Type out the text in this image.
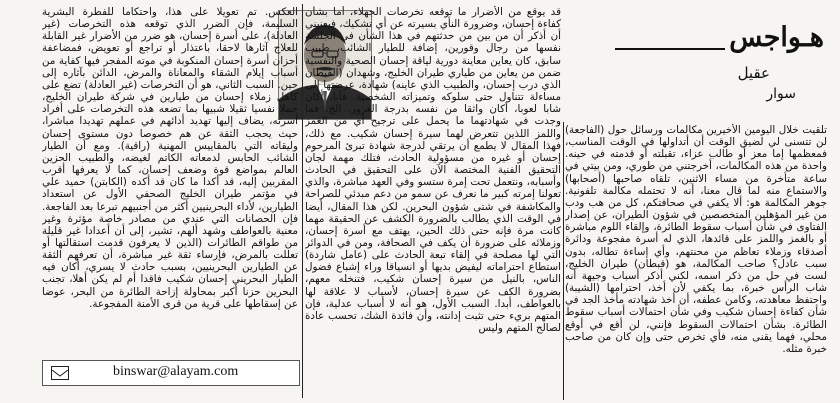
هـواجس
عقيل
سوار

تلقيت خلال اليومين الأخيرين مكالمات ورسائل حول (الفاجعة) لن تتسنى لي لضيق الوقت أن أتداولها في الوقت المناسب، فمعظمها إما معز أو طالب عزاء، تقبلته أو قدمته في حينه. واحدة من هذه المكالمات، أخرجتني من طوري، ومن بيتي في ساعة متأخرة من مساء الاثنين، تلقاه صاحبها (أصحابها) والاستماع منه لما قال معنا، أنه لا تحتمله مكالمة تلفونية. جوهر المكالمة هو: ألا يكفي في صحافتكم، كل من هب ودب من غير المؤهلين المتخصصين في شؤون الطيران، عن إصدار الفتاوى في شأن أسباب سقوط الطائرة، وإلقاء اللوم مباشرة أو بالغمز واللمز على قائدها، الذي له أسرة مفجوعة ودائرة أصدقاء وزملاء تعاظم من محنتهم، وأي إساءة تطاله، بدون سبب عادل؟ صاحب المكالمة، هو (قبطان) طيران الخليج، لست في حل من ذكر اسمه، لكني أذكر أسباب وجيهة أنه شاب الرأس خبرة، بما يكفي لأن أخذ، احترامها (الشيبة) واحتفظ معاهدته، وكامن عطفه، أن أخذ شهادته مأخذ الجد في شأن كفاءة إحسان شكيب وفي شأن احتمالات أسباب سقوط الطائرة. بشأن احتمالات السقوط فإنني، لن أقع في أوقع محلي، فهما يقنى منه، فأي تخرص حتى وإن كان من صاحب خبرة مثله.

قد يوقع من الأضرار ما توقعه تخرصات الجهلاء، أما بشأن كفاءة إحسان، وضرورة النأي بسيرته عن أي تشكيك، فبعنيني أن أذكر أن من بين من حدثتهم في هذا الشأن في الجلسة نفسها من رجال وقورين، إضافة للطيار الشائب، طبيب سابق، كان يعاين معاينة دورية لياقة إحسان الصحية والنفسية ضمن من يعاين من طياري طيران الخليج، وشهدان (القبطان الذي درب إحسان، والطبيب الذي عاينه) شهادة، عرضتها إلى مساءلة تتناول حتى سلوكه وتميزاته الشخصية. فأنا، أكان شابا لعوبا، أكان واثقا من نفسه بدرجة الغرور. الخ. فما وجدت في شهادتهما ما يحمل على ترجيح أي من الغمز واللمز اللذين تتعرض لهما سيرة إحسان شكيب. مع ذلك، فهذا المقال لا يطمع أن يرتقي لدرجة شهادة تبرئ المرحوم إحسان أو غيره من مسؤولية الحادث، فتلك مهمة لجان التحقيق الفنية المختصة الآن على التحقيق في الحادث وأسبابه، ونتعمل تحت إمرة ستسو وفي العهد مباشرة، والذي تعولنا إمرته كبير ما نعرف عن سمو من دعم مبدئي للصراحة والمكاشفة في شتى شؤون البحرين. لكن هذا المقال، أيضا في الوقت الذي يطالب بالضرورة الكشف عن الحقيقة مهما كانت مرة فإنه حتى ذلك الحين، يهتف مع أسرة إحسان، وزملائه على ضرورة أن يكف في الصحافة، ومن في الدوائر التي لها مصلحة في إلقاء تبعة الحادث على (عامل شاردة) استطاع احتراماته ليفيض بديها أو انسياقا وراء إشباع فضول الناس، بالنيل من سيرة إحسان شكيب، فتنخله معهم، بضرورة الكف عن سيرة إحسان، لأسباب لا علاقة لها بالعواطف، أبدا. السبب الأول، هو أنه لا أسباب عدلية، فإن المتهم بريء حتى تثبت إدانته، وأن فائدة الشك، تحسب عادة لصالح المتهم وليس

العكس. تم تعويلا على هذا، واحتكاما للفطرة البشرية السليمة، فإن الضرر الذي توقعه هذه التخرصات (غير العادلة)، على أسرة إحسان، هو ضرر من الأضرار غير القابلة للعلاج آثارها لاحقا، باعتذار أو تراجع أو تعويض، فمضاعفة أحزان أسرة إحسان المنكوبة في موته المفجر فيها كفاية من أسباب إيلام الشقاء والمعاناة والمرض، الدائن بآثاره إلى حين. السبب الثاني، هو أن التخرصات (غير العادلة) تضع على كاهل زملاء إحسان من طيارين في شركة طيران الخليج، حملا نفسيا ثقيلا شبيها بما تضعه هذه التخرصات على أفراد أسرته، يضاف إليها تهديد أدائهم في عملهم تهديدا مباشرا، حيث يحجب الثقة عن هم خصوصا دون مستوى إحسان وليقاته التي بالمقاييس المهنية (راقية). ومع أن الطيار الشائب الحابس لدمعاته الكاتم لغيضه، والطبيب الحزين العالم بمواضع قوة وضعف إحسان، كما لا يعرفها أقرب المقربين إليه، قد أكدا ما كان قد أكده (الكابتن) حميد علي في مؤتمر طيران الخليج الصحفي الأول عن استعداد الطيارين، لأداء البحرينيين أكثر من أجنبيهم تبرعا بعد الفاجعة. فإن الحصانات التي عندي من مصادر خاصة مؤثرة وغير معنية بالعواطف وشهد ألهم، تشير، إلى أن أعدادا غير قليلة من طواقم الطائرات (الذين لا يعرفون قدمت استقالتها أو تعللت بالمرض، فإرساء ثقة غير مباشرة، أن تعرفهم الثقة عن الطيارين البحرينيين، بسبب حادث لا يسري، أكان فيه الطيار البحريني إحسان شكيب فاقدا أم لم يكن أهلا، تجنب البحرين حزنا أكبر بمحاولة إزاحة الطائرة من البحر، عوضا عن إسقاطها على قرية من قرى الأمنة المفجوعة.

binswar@alayam.com
